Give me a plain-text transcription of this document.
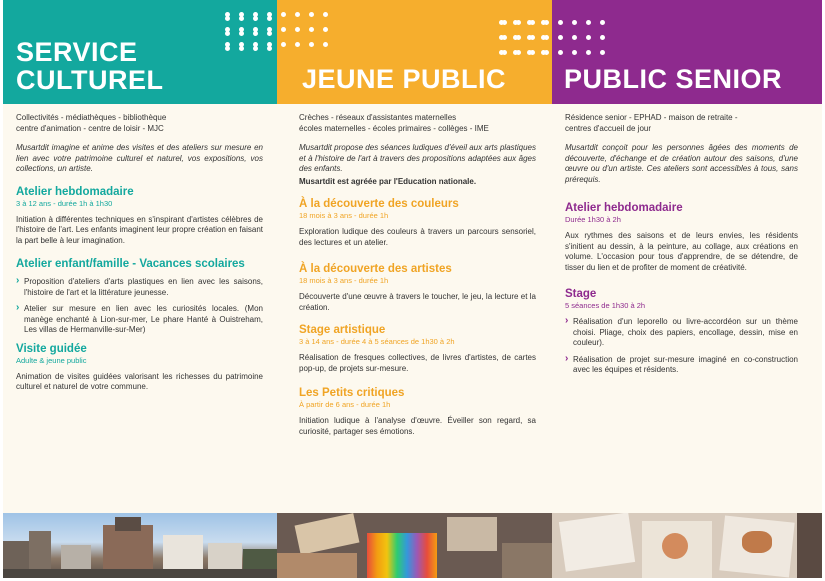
SERVICE
CULTUREL
Collectivités - médiathèques - bibliothèque
centre d'animation - centre de loisir - MJC

Musartdit imagine et anime des visites et des ateliers sur mesure en lien avec votre patrimoine culturel et naturel, vos expositions, vos collections, un artiste.

Atelier hebdomadaire
3 à 12 ans - durée 1h à 1h30

Initiation à différentes techniques en s'inspirant d'artistes célèbres de l'histoire de l'art. Les enfants imaginent leur propre création en faisant la part belle à leur imagination.

Atelier enfant/famille - Vacances scolaires
› Proposition d'ateliers d'arts plastiques en lien avec les saisons, l'histoire de l'art et la littérature jeunesse.
› Atelier sur mesure en lien avec les curiosités locales. (Mon manège enchanté à Lion-sur-mer, Le phare Hanté à Ouistreham, Les villas de Hermanville-sur-Mer)
Visite guidée
Adulte & jeune public

Animation de visites guidées valorisant les richesses du patrimoine culturel et naturel de votre commune.

JEUNE PUBLIC
Crèches - réseaux d'assistantes maternelles
écoles maternelles - écoles primaires - collèges - IME

Musartdit propose des séances ludiques d'éveil aux arts plastiques et à l'histoire de l'art à travers des propositions adaptées aux âges des enfants.

Musartdit est agréée par l'Education nationale.

À la découverte des couleurs
18 mois à 3 ans - durée 1h

Exploration ludique des couleurs à travers un parcours sensoriel, des lectures et un atelier.

À la découverte des artistes
18 mois à 3 ans - durée 1h

Découverte d'une œuvre à travers le toucher, le jeu, la lecture et la création.

Stage artistique
3 à 14 ans - durée 4 à 5 séances de 1h30 à 2h

Réalisation de fresques collectives, de livres d'artistes, de cartes pop-up, de projets sur-mesure.

Les Petits critiques
À partir de 6 ans - durée 1h

Initiation ludique à l'analyse d'œuvre. Éveiller son regard, sa curiosité, partager ses émotions.

PUBLIC SENIOR
Résidence senior - EPHAD - maison de retraite -
centres d'accueil de jour

Musartdit conçoit pour les personnes âgées des moments de découverte, d'échange et de création autour des saisons, d'une œuvre ou d'un artiste. Ces ateliers sont accessibles à tous, sans prérequis.

Atelier hebdomadaire
Durée 1h30 à 2h

Aux rythmes des saisons et de leurs envies, les résidents s'initient au dessin, à la peinture, au collage, aux créations en volume. L'occasion pour tous d'apprendre, de se détendre, de tisser du lien et de profiter de moment de créativité.

Stage
5 séances de 1h30 à 2h
› Réalisation d'un leporello ou livre-accordéon sur un thème choisi. Pliage, choix des papiers, encollage, dessin, mise en couleur).
› Réalisation de projet sur-mesure imaginé en co-construction avec les équipes et résidents.
